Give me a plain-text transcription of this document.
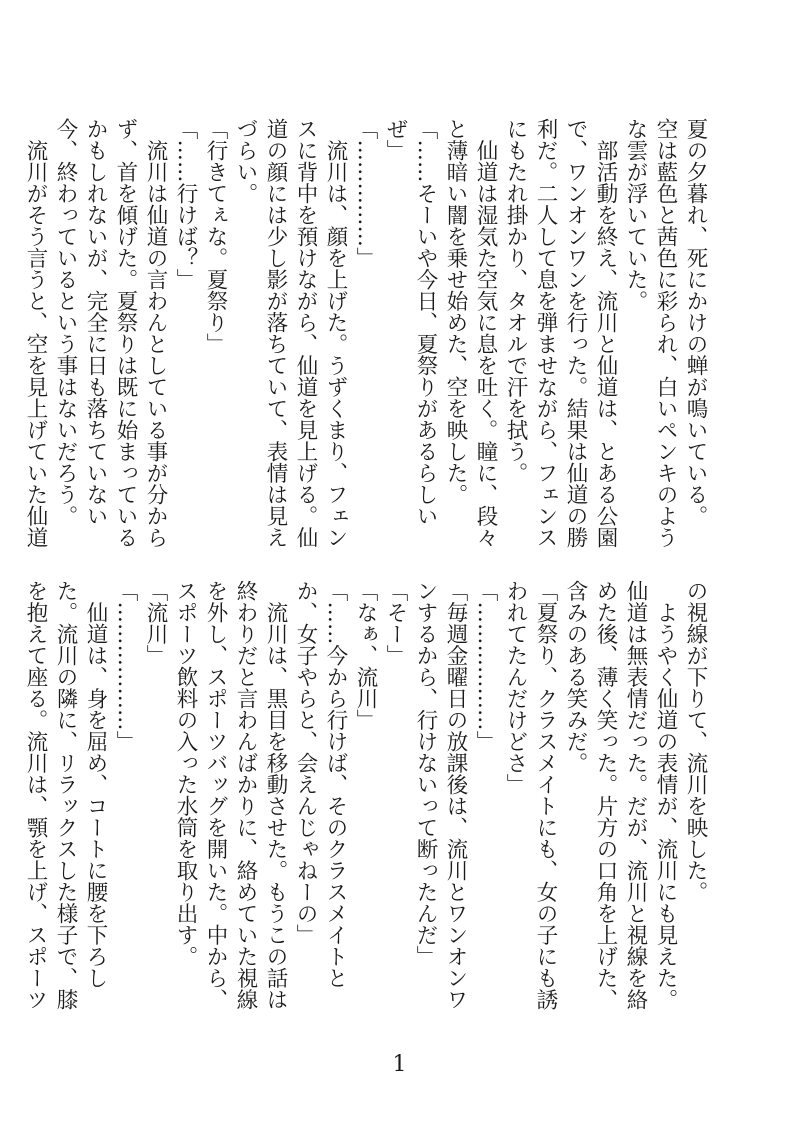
夏の夕暮れ、死にかけの蝉が鳴いている。
空は藍色と茜色に彩られ、白いペンキのよう
な雲が浮いていた。
　部活動を終え、流川と仙道は、とある公園
で、ワンオンワンを行った。結果は仙道の勝
利だ。二人して息を弾ませながら、フェンス
にもたれ掛かり、タオルで汗を拭う。
　仙道は湿気た空気に息を吐く。瞳に、段々
と薄暗い闇を乗せ始めた、空を映した。
「……そーいや今日、夏祭りがあるらしい
ぜ」
「……………」
　流川は、顔を上げた。うずくまり、フェン
スに背中を預けながら、仙道を見上げる。仙
道の顔には少し影が落ちていて、表情は見え
づらい。
「行きてぇな。夏祭り」
「……行けば？」
　流川は仙道の言わんとしている事が分から
ず、首を傾げた。夏祭りは既に始まっている
かもしれないが、完全に日も落ちていない
今、終わっているという事はないだろう。
　流川がそう言うと、空を見上げていた仙道
の視線が下りて、流川を映した。
　ようやく仙道の表情が、流川にも見えた。
仙道は無表情だった。だが、流川と視線を絡
めた後、薄く笑った。片方の口角を上げた、
含みのある笑みだ。
「夏祭り、クラスメイトにも、女の子にも誘
われてたんだけどさ」
「………………」
「毎週金曜日の放課後は、流川とワンオンワ
ンするから、行けないって断ったんだ」
「そー」
「なぁ、流川」
「……今から行けば、そのクラスメイトと
か、女子やらと、会えんじゃねーの」
　流川は、黒目を移動させた。もうこの話は
終わりだと言わんばかりに、絡めていた視線
を外し、スポーツバッグを開いた。中から、
スポーツ飲料の入った水筒を取り出す。
「流川」
「………………」
　仙道は、身を屈め、コートに腰を下ろし
た。流川の隣に、リラックスした様子で、膝
を抱えて座る。流川は、顎を上げ、スポーツ
1
